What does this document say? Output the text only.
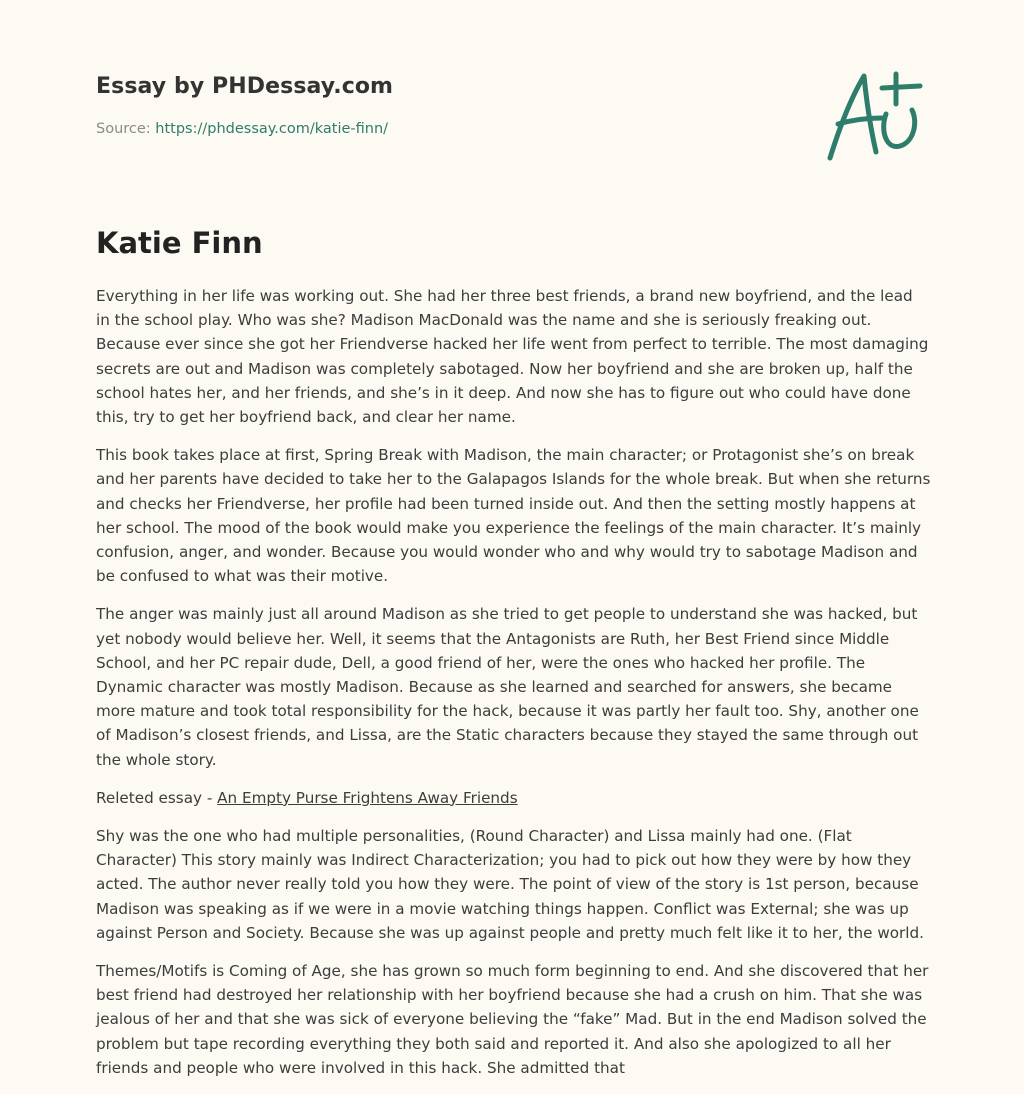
Essay by PHDessay.com
Source: https://phdessay.com/katie-finn/
Katie Finn

Everything in her life was working out. She had her three best friends, a brand new boyfriend, and the lead in the school play. Who was she? Madison MacDonald was the name and she is seriously freaking out. Because ever since she got her Friendverse hacked her life went from perfect to terrible. The most damaging secrets are out and Madison was completely sabotaged. Now her boyfriend and she are broken up, half the school hates her, and her friends, and she’s in it deep. And now she has to figure out who could have done this, try to get her boyfriend back, and clear her name.

This book takes place at first, Spring Break with Madison, the main character; or Protagonist she’s on break and her parents have decided to take her to the Galapagos Islands for the whole break. But when she returns and checks her Friendverse, her profile had been turned inside out. And then the setting mostly happens at her school. The mood of the book would make you experience the feelings of the main character. It’s mainly confusion, anger, and wonder. Because you would wonder who and why would try to sabotage Madison and be confused to what was their motive.

The anger was mainly just all around Madison as she tried to get people to understand she was hacked, but yet nobody would believe her. Well, it seems that the Antagonists are Ruth, her Best Friend since Middle School, and her PC repair dude, Dell, a good friend of her, were the ones who hacked her profile. The Dynamic character was mostly Madison. Because as she learned and searched for answers, she became more mature and took total responsibility for the hack, because it was partly her fault too. Shy, another one of Madison’s closest friends, and Lissa, are the Static characters because they stayed the same through out the whole story.

Releted essay - An Empty Purse Frightens Away Friends

Shy was the one who had multiple personalities, (Round Character) and Lissa mainly had one. (Flat Character) This story mainly was Indirect Characterization; you had to pick out how they were by how they acted. The author never really told you how they were. The point of view of the story is 1st person, because Madison was speaking as if we were in a movie watching things happen. Conflict was External; she was up against Person and Society. Because she was up against people and pretty much felt like it to her, the world.

Themes/Motifs is Coming of Age, she has grown so much form beginning to end. And she discovered that her best friend had destroyed her relationship with her boyfriend because she had a crush on him. That she was jealous of her and that she was sick of everyone believing the “fake” Mad. But in the end Madison solved the problem but tape recording everything they both said and reported it. And also she apologized to all her friends and people who were involved in this hack. She admitted that
